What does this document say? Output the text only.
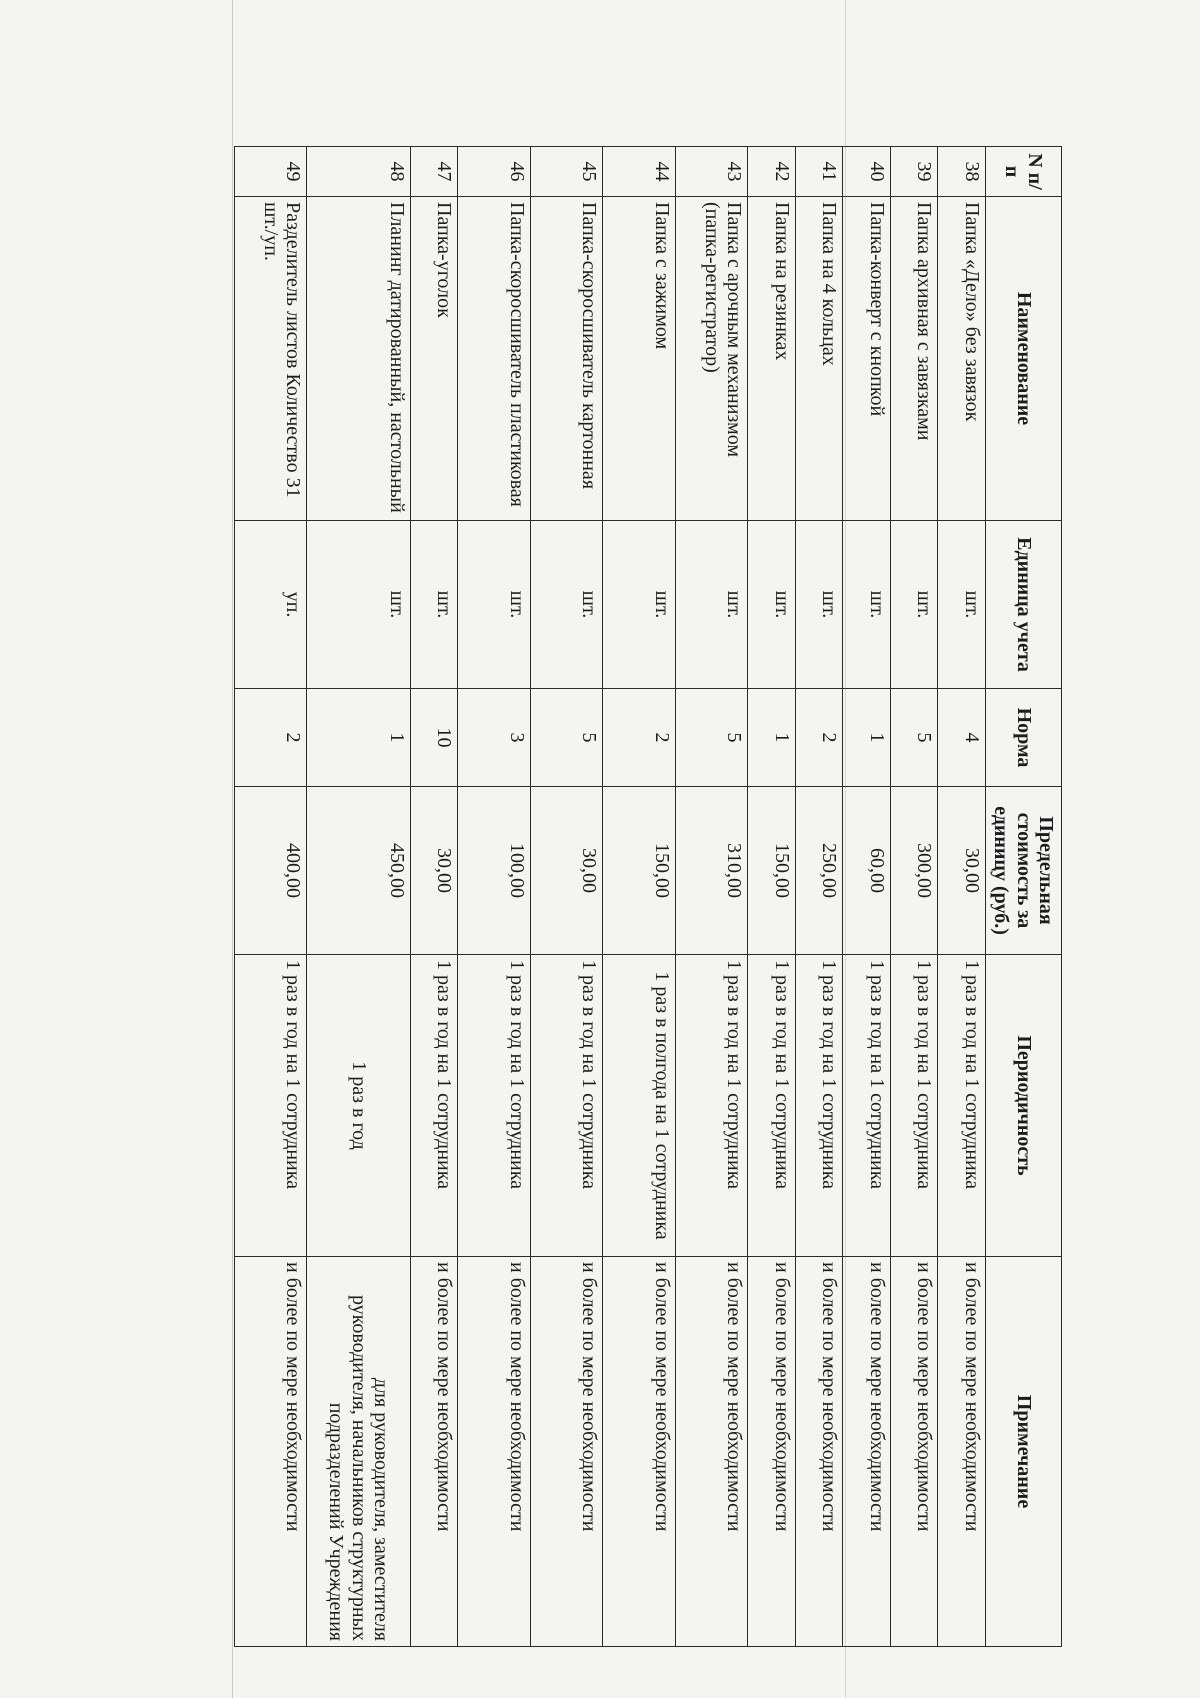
N п/п	Наименование	Единица учета	Норма	Предельная стоимость за единицу (руб.)	Периодичность	Примечание
38	Папка «Дело» без завязок	шт.	4	30,00	1 раз в год на 1 сотрудника	и более по мере необходимости
39	Папка архивная с завязками	шт.	5	300,00	1 раз в год на 1 сотрудника	и более по мере необходимости
40	Папка-конверт с кнопкой	шт.	1	60,00	1 раз в год на 1 сотрудника	и более по мере необходимости
41	Папка на 4 кольцах	шт.	2	250,00	1 раз в год на 1 сотрудника	и более по мере необходимости
42	Папка на резинках	шт.	1	150,00	1 раз в год на 1 сотрудника	и более по мере необходимости
43	Папка с арочным механизмом (папка-регистратор)	шт.	5	310,00	1 раз в год на 1 сотрудника	и более по мере необходимости
44	Папка с зажимом	шт.	2	150,00	1 раз в полгода на 1 сотрудника	и более по мере необходимости
45	Папка-скоросшиватель картонная	шт.	5	30,00	1 раз в год на 1 сотрудника	и более по мере необходимости
46	Папка-скоросшиватель пластиковая	шт.	3	100,00	1 раз в год на 1 сотрудника	и более по мере необходимости
47	Папка-уголок	шт.	10	30,00	1 раз в год на 1 сотрудника	и более по мере необходимости
48	Планинг датированный, настольный	шт.	1	450,00	1 раз в год	для руководителя, заместителя руководителя, начальников структурных подразделений Учреждения
49	Разделитель листов Количество 31 шт./уп.	уп.	2	400,00	1 раз в год на 1 сотрудника	и более по мере необходимости
